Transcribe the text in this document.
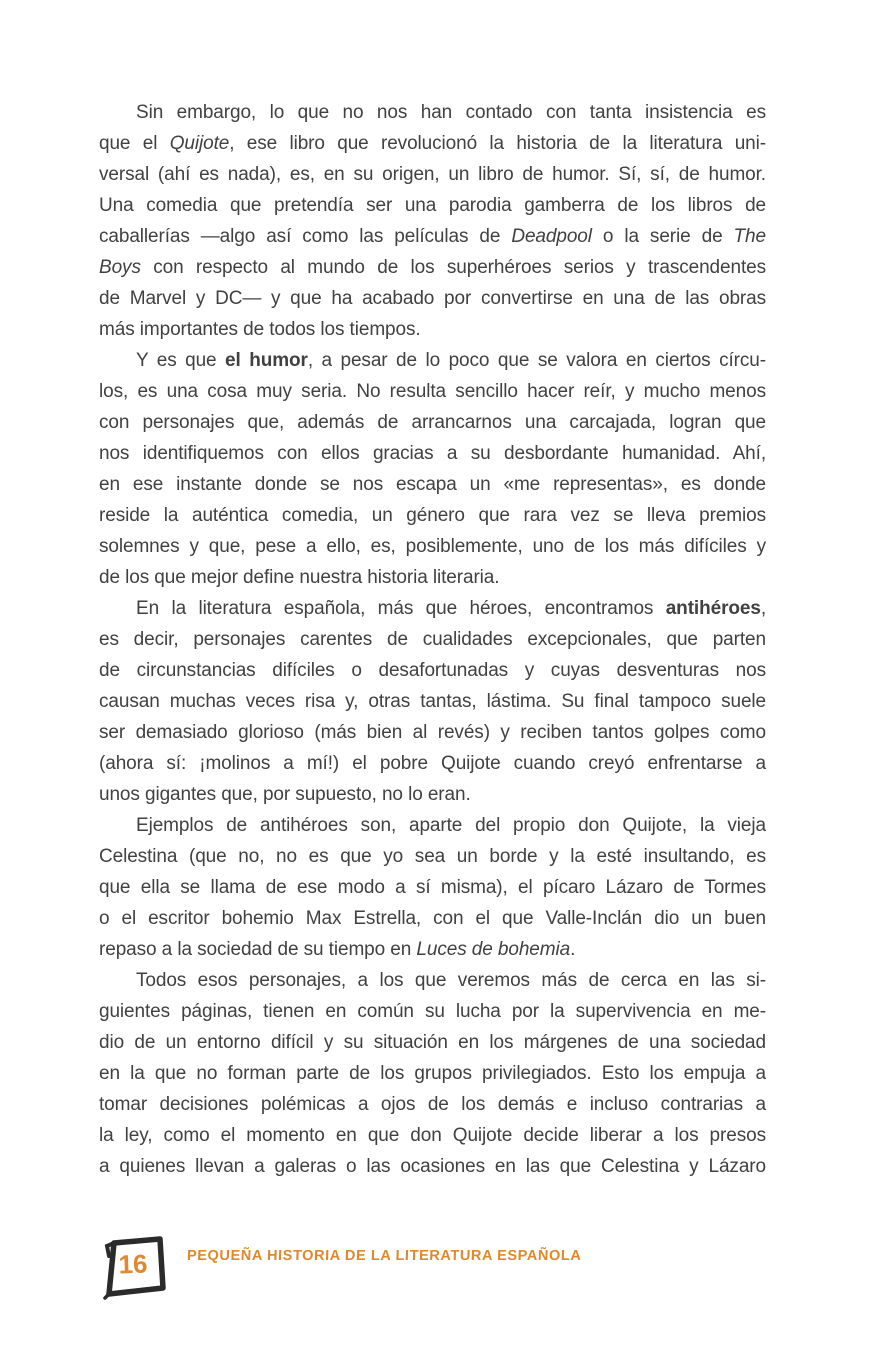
Sin embargo, lo que no nos han contado con tanta insistencia es
que el Quijote, ese libro que revolucionó la historia de la literatura uni-
versal (ahí es nada), es, en su origen, un libro de humor. Sí, sí, de humor.
Una comedia que pretendía ser una parodia gamberra de los libros de
caballerías —algo así como las películas de Deadpool o la serie de The
Boys con respecto al mundo de los superhéroes serios y trascendentes
de Marvel y DC— y que ha acabado por convertirse en una de las obras
más importantes de todos los tiempos.
Y es que el humor, a pesar de lo poco que se valora en ciertos círcu-
los, es una cosa muy seria. No resulta sencillo hacer reír, y mucho menos
con personajes que, además de arrancarnos una carcajada, logran que
nos identifiquemos con ellos gracias a su desbordante humanidad. Ahí,
en ese instante donde se nos escapa un «me representas», es donde
reside la auténtica comedia, un género que rara vez se lleva premios
solemnes y que, pese a ello, es, posiblemente, uno de los más difíciles y
de los que mejor define nuestra historia literaria.
En la literatura española, más que héroes, encontramos antihéroes,
es decir, personajes carentes de cualidades excepcionales, que parten
de circunstancias difíciles o desafortunadas y cuyas desventuras nos
causan muchas veces risa y, otras tantas, lástima. Su final tampoco suele
ser demasiado glorioso (más bien al revés) y reciben tantos golpes como
(ahora sí: ¡molinos a mí!) el pobre Quijote cuando creyó enfrentarse a
unos gigantes que, por supuesto, no lo eran.
Ejemplos de antihéroes son, aparte del propio don Quijote, la vieja
Celestina (que no, no es que yo sea un borde y la esté insultando, es
que ella se llama de ese modo a sí misma), el pícaro Lázaro de Tormes
o el escritor bohemio Max Estrella, con el que Valle-Inclán dio un buen
repaso a la sociedad de su tiempo en Luces de bohemia.
Todos esos personajes, a los que veremos más de cerca en las si-
guientes páginas, tienen en común su lucha por la supervivencia en me-
dio de un entorno difícil y su situación en los márgenes de una sociedad
en la que no forman parte de los grupos privilegiados. Esto los empuja a
tomar decisiones polémicas a ojos de los demás e incluso contrarias a
la ley, como el momento en que don Quijote decide liberar a los presos
a quienes llevan a galeras o las ocasiones en las que Celestina y Lázaro
16	PEQUEÑA HISTORIA DE LA LITERATURA ESPAÑOLA
